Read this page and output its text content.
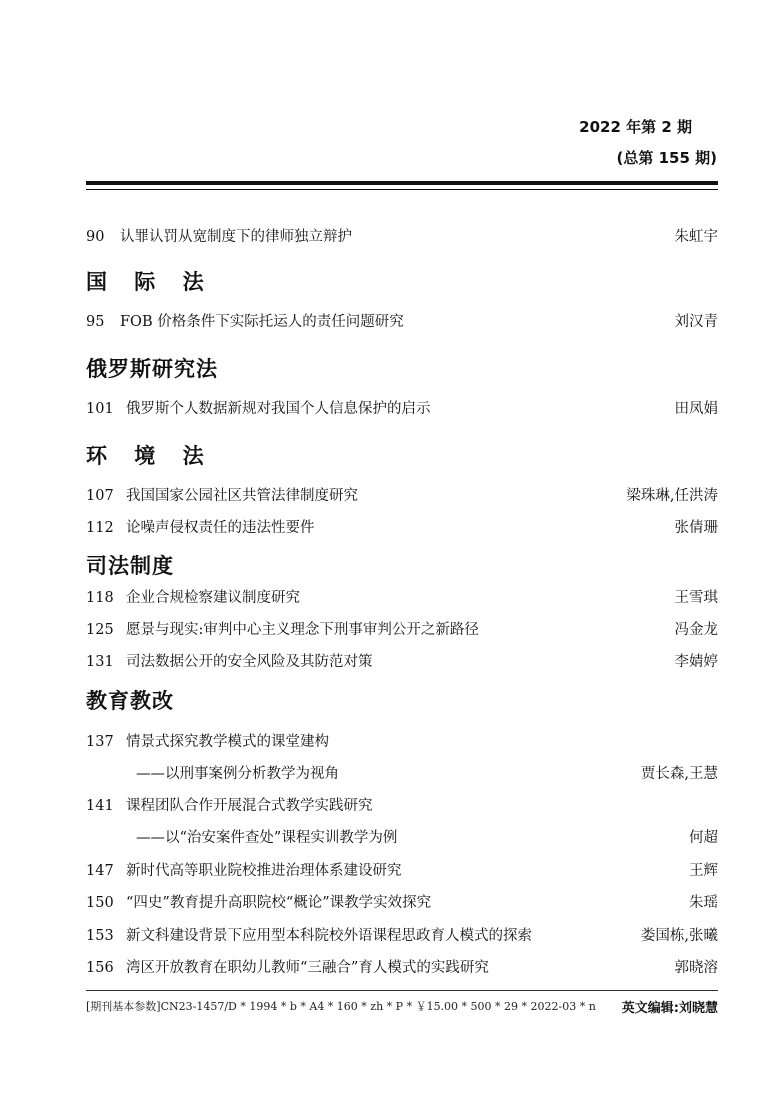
2022 年第 2 期
(总第 155 期)
90	认罪认罚从宽制度下的律师独立辩护	朱虹宇
国 际 法
95	FOB 价格条件下实际托运人的责任问题研究	刘汉青
俄罗斯研究法
101 俄罗斯个人数据新规对我国个人信息保护的启示	田凤娟
环 境 法
107 我国国家公园社区共管法律制度研究	梁珠琳,任洪涛
112 论噪声侵权责任的违法性要件	张倩珊
司法制度
118 企业合规检察建议制度研究	王雪琪
125 愿景与现实:审判中心主义理念下刑事审判公开之新路径	冯金龙
131 司法数据公开的安全风险及其防范对策	李婧婷
教育教改
137 情景式探究教学模式的课堂建构
——以刑事案例分析教学为视角	贾长森,王慧
141 课程团队合作开展混合式教学实践研究
——以“治安案件查处”课程实训教学为例	何超
147 新时代高等职业院校推进治理体系建设研究	王辉
150 “四史”教育提升高职院校“概论”课教学实效探究	朱瑶
153 新文科建设背景下应用型本科院校外语课程思政育人模式的探索	娄国栋,张曦
156 湾区开放教育在职幼儿教师“三融合”育人模式的实践研究	郭晓溶
[期刊基本参数]CN23-1457/D * 1994 * b * A4 * 160 * zh * P * ￥15.00 * 500 * 29 * 2022-03 * n 英文编辑:刘晓慧
